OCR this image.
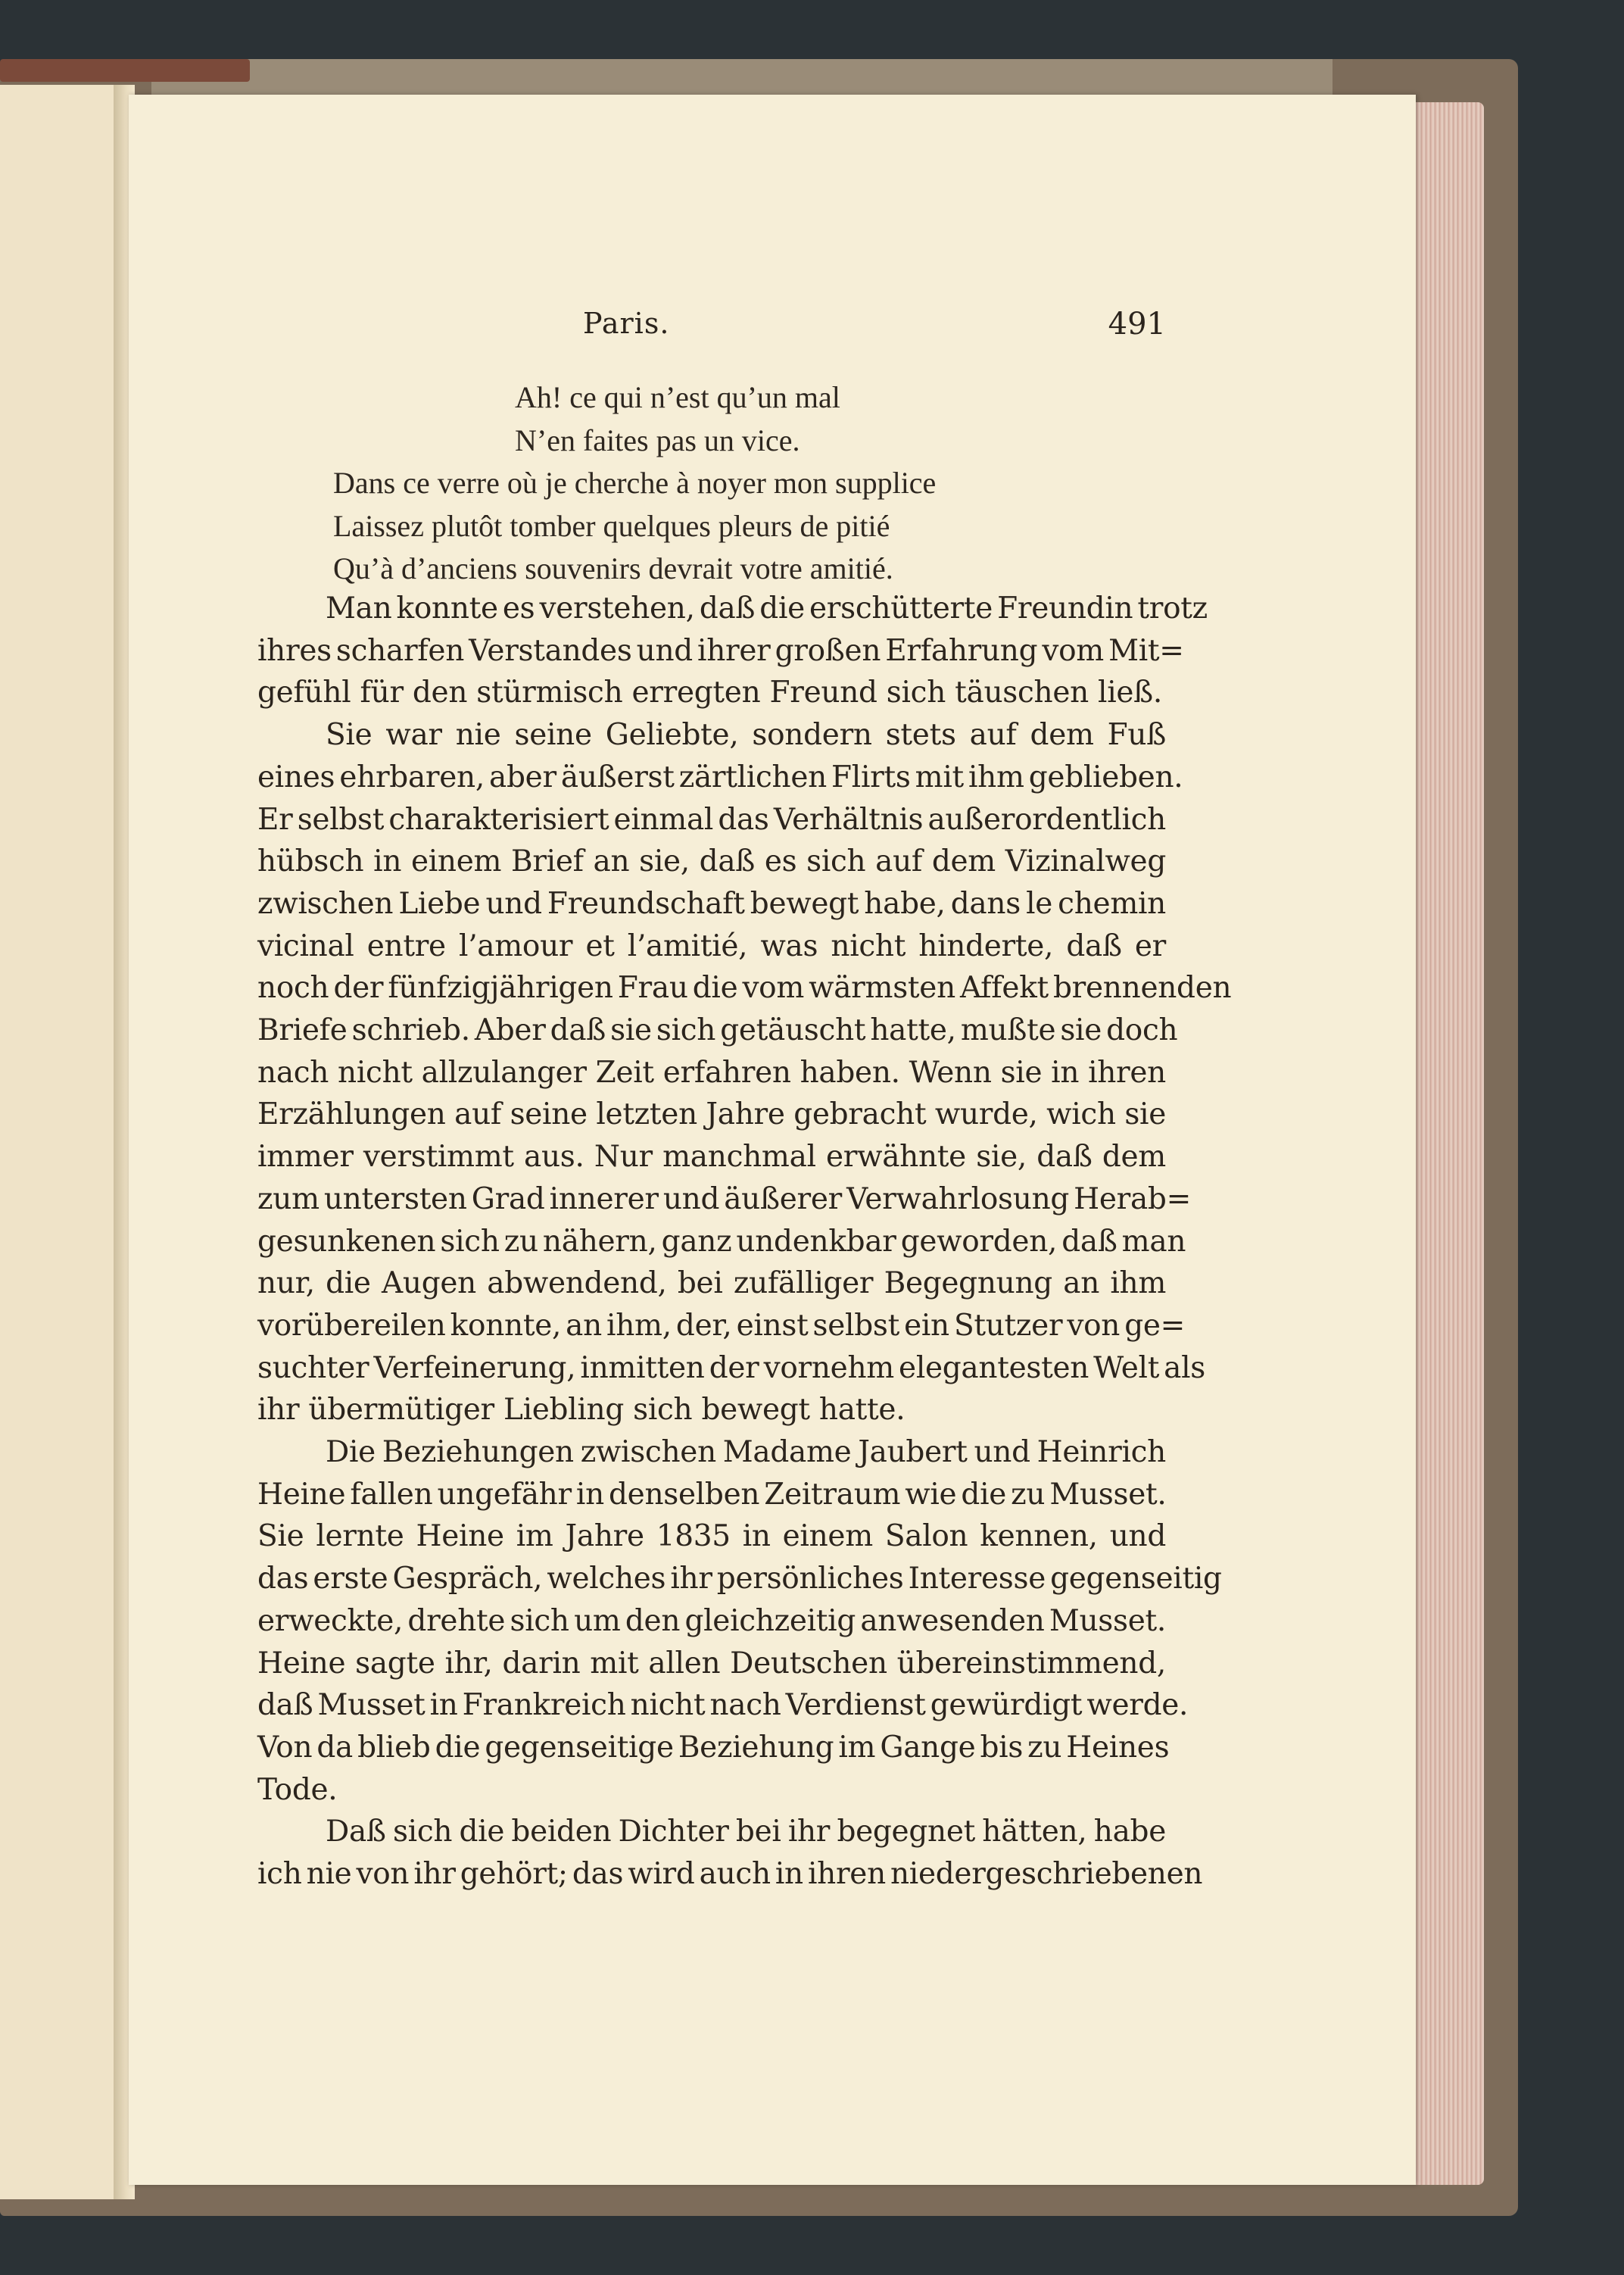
Paris.	491
Ah! ce qui n’est qu’un mal
N’en faites pas un vice.
Dans ce verre où je cherche à noyer mon supplice
Laissez plutôt tomber quelques pleurs de pitié
Qu’à d’anciens souvenirs devrait votre amitié.

Man konnte es verstehen, daß die erschütterte Freundin trotz
ihres scharfen Verstandes und ihrer großen Erfahrung vom Mit=
gefühl für den stürmisch erregten Freund sich täuschen ließ.

Sie war nie seine Geliebte, sondern stets auf dem Fuß
eines ehrbaren, aber äußerst zärtlichen Flirts mit ihm geblieben.
Er selbst charakterisiert einmal das Verhältnis außerordentlich
hübsch in einem Brief an sie, daß es sich auf dem Vizinalweg
zwischen Liebe und Freundschaft bewegt habe, dans le chemin
vicinal entre l’amour et l’amitié, was nicht hinderte, daß er
noch der fünfzigjährigen Frau die vom wärmsten Affekt brennenden
Briefe schrieb. Aber daß sie sich getäuscht hatte, mußte sie doch
nach nicht allzulanger Zeit erfahren haben. Wenn sie in ihren
Erzählungen auf seine letzten Jahre gebracht wurde, wich sie
immer verstimmt aus. Nur manchmal erwähnte sie, daß dem
zum untersten Grad innerer und äußerer Verwahrlosung Herab=
gesunkenen sich zu nähern, ganz undenkbar geworden, daß man
nur, die Augen abwendend, bei zufälliger Begegnung an ihm
vorübereilen konnte, an ihm, der, einst selbst ein Stutzer von ge=
suchter Verfeinerung, inmitten der vornehm elegantesten Welt als
ihr übermütiger Liebling sich bewegt hatte.

Die Beziehungen zwischen Madame Jaubert und Heinrich
Heine fallen ungefähr in denselben Zeitraum wie die zu Musset.
Sie lernte Heine im Jahre 1835 in einem Salon kennen, und
das erste Gespräch, welches ihr persönliches Interesse gegenseitig
erweckte, drehte sich um den gleichzeitig anwesenden Musset.
Heine sagte ihr, darin mit allen Deutschen übereinstimmend,
daß Musset in Frankreich nicht nach Verdienst gewürdigt werde.
Von da blieb die gegenseitige Beziehung im Gange bis zu Heines
Tode.

Daß sich die beiden Dichter bei ihr begegnet hätten, habe
ich nie von ihr gehört; das wird auch in ihren niedergeschriebenen
